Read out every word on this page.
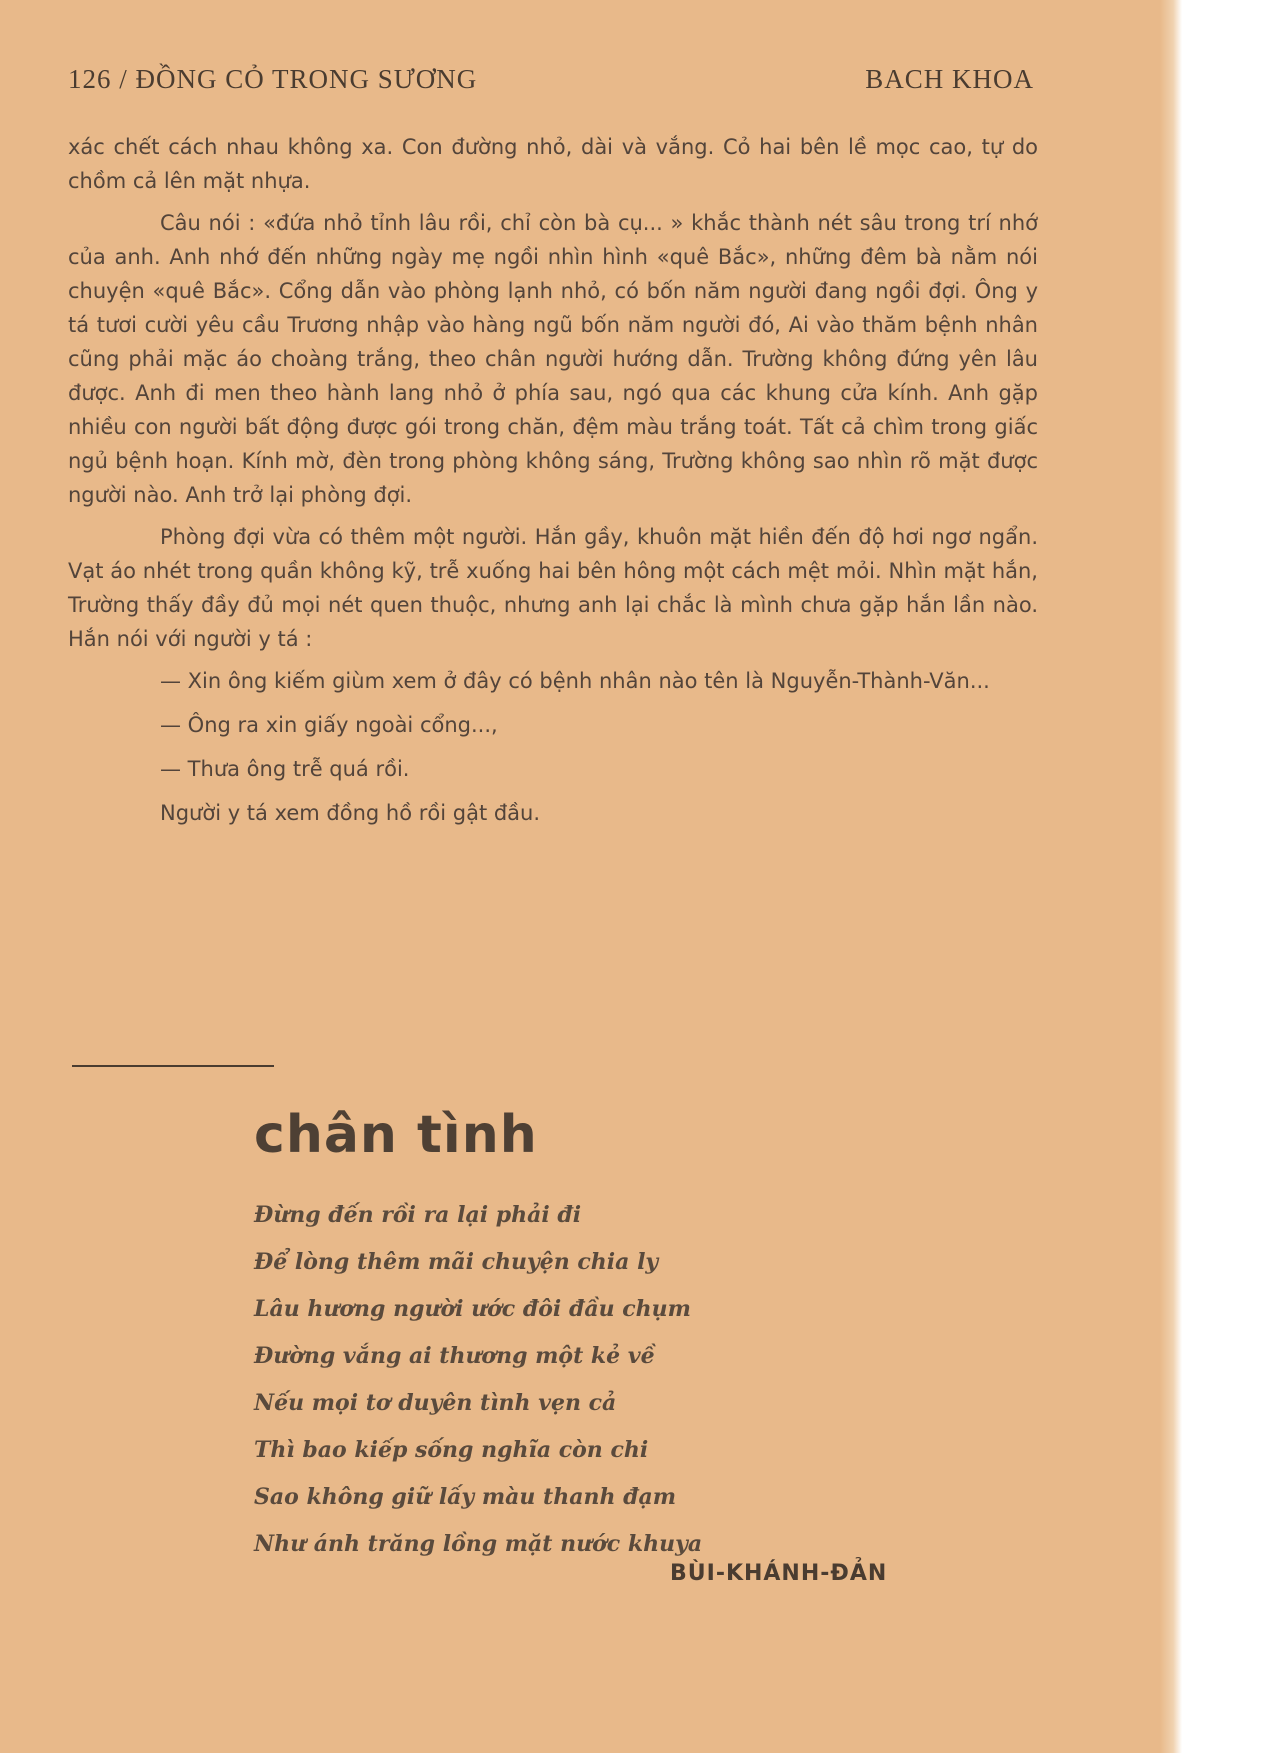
126 / ĐỒNG CỎ TRONG SƯƠNG	BACH KHOA

xác chết cách nhau không xa. Con đường nhỏ, dài và vắng. Cỏ hai bên lề mọc cao, tự do chồm cả lên mặt nhựa.

Câu nói : «đứa nhỏ tỉnh lâu rồi, chỉ còn bà cụ... » khắc thành nét sâu trong trí nhớ của anh. Anh nhớ đến những ngày mẹ ngồi nhìn hình «quê Bắc», những đêm bà nằm nói chuyện «quê Bắc». Cổng dẫn vào phòng lạnh nhỏ, có bốn năm người đang ngồi đợi. Ông y tá tươi cười yêu cầu Trương nhập vào hàng ngũ bốn năm người đó, Ai vào thăm bệnh nhân cũng phải mặc áo choàng trắng, theo chân người hướng dẫn. Trường không đứng yên lâu được. Anh đi men theo hành lang nhỏ ở phía sau, ngó qua các khung cửa kính. Anh gặp nhiều con người bất động được gói trong chăn, đệm màu trắng toát. Tất cả chìm trong giấc ngủ bệnh hoạn. Kính mờ, đèn trong phòng không sáng, Trường không sao nhìn rõ mặt được người nào. Anh trở lại phòng đợi.

Phòng đợi vừa có thêm một người. Hắn gầy, khuôn mặt hiền đến độ hơi ngơ ngẩn. Vạt áo nhét trong quần không kỹ, trễ xuống hai bên hông một cách mệt mỏi. Nhìn mặt hắn, Trường thấy đầy đủ mọi nét quen thuộc, nhưng anh lại chắc là mình chưa gặp hắn lần nào. Hắn nói với người y tá :

— Xin ông kiếm giùm xem ở đây có bệnh nhân nào tên là Nguyễn-Thành-Văn...

— Ông ra xin giấy ngoài cổng...,

— Thưa ông trễ quá rồi.

Người y tá xem đồng hồ rồi gật đầu.

chân tình
Đừng đến rồi ra lại phải đi
Để lòng thêm mãi chuyện chia ly
Lâu hương người ước đôi đầu chụm
Đường vắng ai thương một kẻ về
Nếu mọi tơ duyên tình vẹn cả
Thì bao kiếp sống nghĩa còn chi
Sao không giữ lấy màu thanh đạm
Như ánh trăng lồng mặt nước khuya
BÙI-KHÁNH-ĐẢN
